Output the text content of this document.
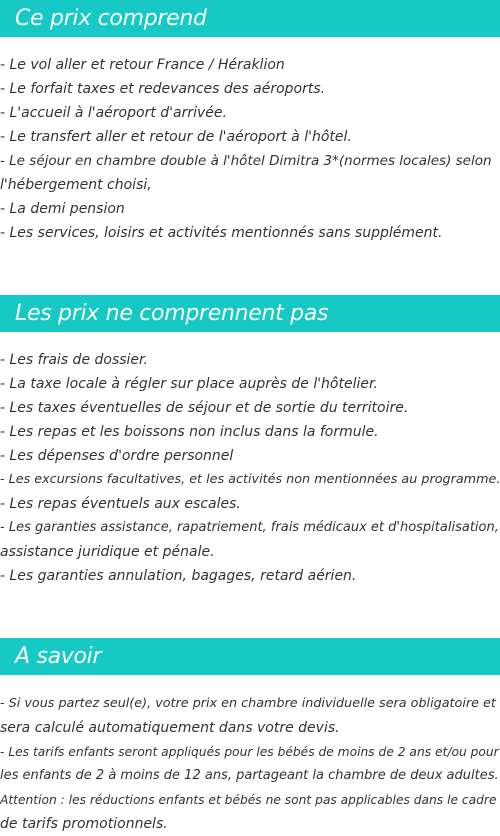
Ce prix comprend
- Le vol aller et retour France / Héraklion
- Le forfait taxes et redevances des aéroports.
- L'accueil à l'aéroport d'arrivée.
- Le transfert aller et retour de l'aéroport à l'hôtel.
- Le séjour en chambre double à l'hôtel Dimitra 3*(normes locales) selon
l'hébergement choisi,
- La demi pension
- Les services, loisirs et activités mentionnés sans supplément.
Les prix ne comprennent pas
- Les frais de dossier.
- La taxe locale à régler sur place auprès de l'hôtelier.
- Les taxes éventuelles de séjour et de sortie du territoire.
- Les repas et les boissons non inclus dans la formule.
- Les dépenses d'ordre personnel
- Les excursions facultatives, et les activités non mentionnées au programme.
- Les repas éventuels aux escales.
- Les garanties assistance, rapatriement, frais médicaux et d'hospitalisation,
assistance juridique et pénale.
- Les garanties annulation, bagages, retard aérien.
A savoir
- Si vous partez seul(e), votre prix en chambre individuelle sera obligatoire et
sera calculé automatiquement dans votre devis.
- Les tarifs enfants seront appliqués pour les bébés de moins de 2 ans et/ou pour
les enfants de 2 à moins de 12 ans, partageant la chambre de deux adultes.
Attention : les réductions enfants et bébés ne sont pas applicables dans le cadre
de tarifs promotionnels.
